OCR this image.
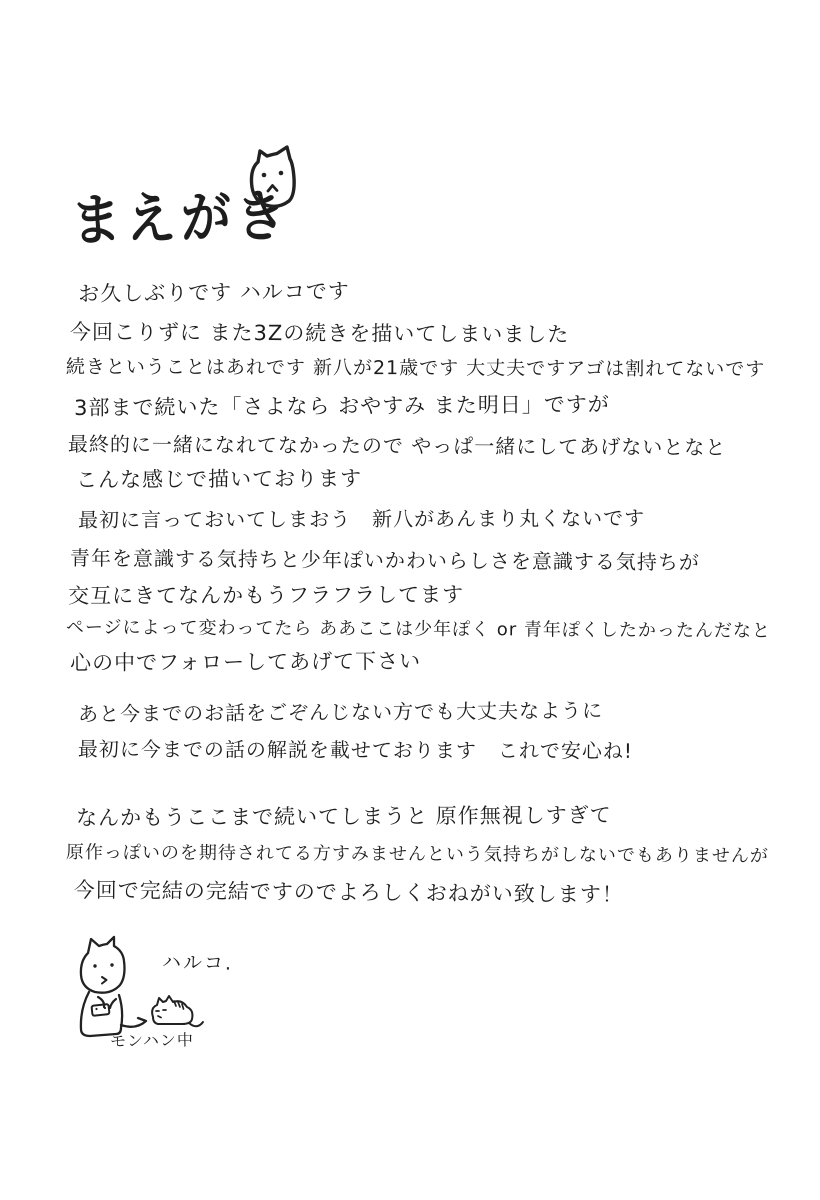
まえがき
お久しぶりです ハルコです
今回こりずに また3Zの続きを描いてしまいました
続きということはあれです 新八が21歳です 大丈夫ですアゴは割れてないです
3部まで続いた「さよなら おやすみ また明日」ですが
最終的に一緒になれてなかったので やっぱ一緒にしてあげないとなと
こんな感じで描いております
最初に言っておいてしまおう　新八があんまり丸くないです
青年を意識する気持ちと少年ぽいかわいらしさを意識する気持ちが
交互にきてなんかもうフラフラしてます
ページによって変わってたら ああここは少年ぽく or 青年ぽくしたかったんだなと
心の中でフォローしてあげて下さい
あと今までのお話をごぞんじない方でも大丈夫なように
最初に今までの話の解説を載せております　これで安心ね!
なんかもうここまで続いてしまうと 原作無視しすぎて
原作っぽいのを期待されてる方すみませんという気持ちがしないでもありませんが
今回で完結の完結ですのでよろしくおねがい致します！
ハルコ.
モンハン中
